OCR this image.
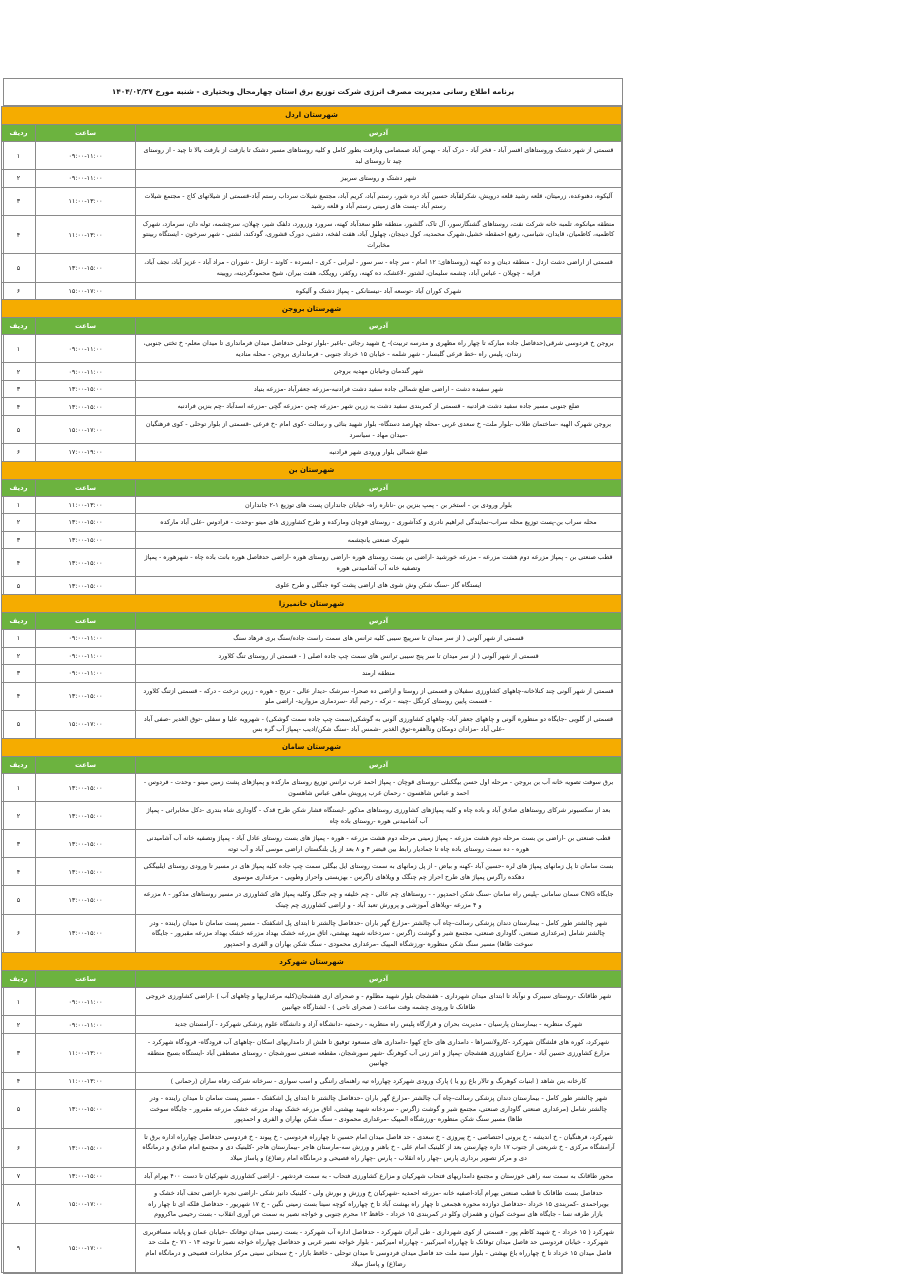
برنامه اطلاع رسانی مدیریت مصرف انرژی شرکت توزیع برق استان چهارمحال وبختیاری - شنبه مورخ ۱۴۰۴/۰۲/۲۷
شهرستان اردل		
آدرس	ساعت	ردیف
قسمتی از شهر دشتک وروستاهای افسر آباد - فخر آباد - درک آباد - بهمن آباد صمصامی وبازفت بطور کامل و کلیه روستاهای مسیر دشتک تا بازفت از بازفت بالا تا چید - از روستای چید تا روستای لبد	۰۹:۰۰-۱۱:۰۰	۱
شهر دشتک و روستای سربیز	۰۹:۰۰-۱۱:۰۰	۲
آلیکوه، دهنوعده، زرمیتان، قلعه رشید قلعه درویش، شکرلفآباد حسین آباد دره شور، رستم آباد، کریم آباد، مجتمع شیلات سرداب رستم آباد-قسمتی از شیلاتهای کاج - مجتمع شیلات رستم آباد -پست های زمینی رستم آباد و قلعه رشید	۱۱:۰۰-۱۳:۰۰	۳
منطقه میانکوه، تلمبه خانه شرکت نفت، روستاهای گشنگارسور، آل تاک، گلشور، منطقه طلو سعدآباد کهنه، سرورد وزرورد، دلفک شیر، چهلان، سرچشمه، توله دان، سرمازد، شهرک کاظمیه، کاظمیان، قایدان، شیاسی، رفیع احمقطه خشیل،شهرک محمدیه، کول دینجان، چهلول آباد، هفت لفخه، دشتی، دورک قشوری، گودکند، لشتی - شهر سرخون - ایستگاه ربینتو مخابرات	۱۱:۰۰-۱۳:۰۰	۴
قسمتی از اراضی دشت اردل - منطقه دینان و ده کهنه (روستاهای: ۱۲ امام - سر چاه - سر سور - لیرابی - کری - ابسرده - کاوند - ارغل - شوران - مراد آباد - عزیز آباد، نجف آباد، قرابه - چوپلان - عباس آباد، چشمه سلیمان، لشتور -لاغشک، ده کهنه، روکفر، رویگک، هفت بیران، شیخ محمودگردینه، رویینه	۱۳:۰۰-۱۵:۰۰	۵
شهرک کوران آباد -توسعه آباد -نیستانکی - پمپاژ دشتک و آلیکوه	۱۵:۰۰-۱۷:۰۰	۶
شهرستان بروجن		
آدرس	ساعت	ردیف
بروجن خ فردوسی شرقی(حدفاصل جاده مبارکه تا چهار راه مظهری و مدرسه تربیت)- خ شهید رجائی -باغبر -بلوار توحلی حدفاصل میدان فرمانداری تا میدان معلم- خ تختی جنوبی، زندان، پلیس راه -خط فرعی گلبسار - شهر شلمه - خیابان ۱۵ خرداد جنوبی - فرمانداری بروجن - محله منادیه	۰۹:۰۰-۱۱:۰۰	۱
شهر گندمان وخیابان مهدیه بروجن	۰۹:۰۰-۱۱:۰۰	۲
شهر سفیده دشت - اراضی ضلع شمالی جاده سفید دشت فرادنبه-مزرعه جعفرآباد -مزرعه بنیاد	۱۳:۰۰-۱۵:۰۰	۳
ضلع جنوبی مسیر جاده سفید دشت فرادنبه - قسمتی از کمربندی سفید دشت به زرین شهر -مزرعه چمن -مزرعه گچی -مزرعه اسدآباد -چم بنزین فرادنبه	۱۳:۰۰-۱۵:۰۰	۴
بروجن شهرک الهیه -ساختمان طلاب -بلوار ملت- خ سعدی غربی -محله چهارصد دستگاه- بلوار شهید بنائی و رسالت -کوی امام -خ فرعی -قسمتی از بلوار توحلی - کوی فرهنگیان -میدان مهاد - سیاسرد	۱۵:۰۰-۱۷:۰۰	۵
ضلع شمالی بلوار ورودی شهر فرادنبه	۱۷:۰۰-۱۹:۰۰	۶
شهرستان بن		
آدرس	ساعت	ردیف
بلوار ورودی بن - استخر بن - پمپ بنزین بن -ناناره راه- خیابان جانداران پست های توزیع ۱-۲ جانداران	۱۱:۰۰-۱۳:۰۰	۱
محله سراب بن-پست توزیع محله سراب-نمایندگی ابراهیم نادری و کدآشوری - روستای قوچان ومارکده و طرح کشاورزی های مینو -وحدت - فرادوس -علی آباد مارکده	۱۳:۰۰-۱۵:۰۰	۲
شهرک صنعتی یانچشمه	۱۳:۰۰-۱۵:۰۰	۳
قطب صنعتی بن - پمپاژ مزرعه دوم هشت مزرعه - مزرعه خورشید -اراضی بن بست روستای هوره -اراضی روستای هوره -اراضی حدفاصل هوره بانت باده چاه - شهرهوره - پمپاژ وتصفیه خانه آب آشامیدنی هوره	۱۳:۰۰-۱۵:۰۰	۴
ایستگاه گاز -سنگ شکن وش شوی های اراضی پشت کوه جنگلی و طرح علوی	۱۳:۰۰-۱۵:۰۰	۵
شهرستان خانمیرزا		
آدرس	ساعت	ردیف
قسمتی از شهر آلونی ( از سر میدان تا سرپیچ سیبی کلیه ترانس های سمت راست جاده/سنگ بری فرهاد سنگ	۰۹:۰۰-۱۱:۰۰	۱
قسمتی از شهر آلونی ( از سر میدان تا سر پنج سیبی ترانس های سمت چپ جاده اصلی ( - قسمتی از روستای تنگ کلاورد	۰۹:۰۰-۱۱:۰۰	۲
منطقه ارمند	۰۹:۰۰-۱۱:۰۰	۳
قسمتی از شهر آلونی چند کنلاخانه-چاههای کشاورزی سفیلان و قسمتی از روستا و اراضی ده صحرا- سرشک -دیدار عالی - ترنج - هوره - زرین درخت - درکه - قسمتی ازتنگ کلاورد - قسمت پایین روستای کرتگل -چینه - ترکه - رحیم آباد -سردماری مزوارید- اراضی ملو	۱۳:۰۰-۱۵:۰۰	۴
قسمتی از گلویی -جایگاه دو منظوره آلونی و چاههای جعفر آباد- چاههای کشاورزی آلونی به گوشکی(سمت چپ جاده سمت گوشکی) - شهرویه علیا و سفلی -توق الغدیر -صفی آباد -علی آباد -مزادان دومکان وناآهفره-توق الغدیر -شمس آباد -سنگ شکن/ادیب -پمپاژ آب گره بس	۱۵:۰۰-۱۷:۰۰	۵
شهرستان سامان		
آدرس	ساعت	ردیف
برق سوفت تصویه خانه آب بن بروجن - مرحله اول حسن بیگکنلی -روستای قوچان - پمپاژ احمد عرب ترانس توزیع روستای مارکده و پمپاژهای پشت زمین مینو - وحدت - فردوس - احمد و عباس شاهسون - رحمان غرب پرویش ماهی عباس شاهسون	۱۳:۰۰-۱۵:۰۰	۱
بعد از سکسیونر شرکای روستاهای صادق آباد و باده چاه و کلیه پمپاژهای کشاورزی روستاهای مذکور -ایستگاه فشار شکن طرح قدک - گاوداری شاه بندری -دکل مخابراتی - پمپاژ آب آشامیدنی هوره -روستای باده چاه	۱۳:۰۰-۱۵:۰۰	۲
قطب صنعتی بن -اراضی بن بست مرحله دوم هشت مزرعه - پمپاژ زمینی مرحله دوم هشت مزرعه - هوره - پمپاژ های بست روستای عادل آباد - پمپاژ وتصفیه خانه آب آشامیدنی هوره - ده سمت روستای باده چاه تا جمادیار رابط بین قبضر ۴ و ۸ بعد از پل بلنگستان اراضی موسی آباد و آب توته	۱۳:۰۰-۱۵:۰۰	۳
بست سامان تا پل زمانهای پمپاژ های لره -حسین آباد -کهنه و بیاض - از پل زمانهای به سمت روستای ایل بیگلی سمت چپ جاده کلیه پمپاژ های در مسیر تا ورودی روستای ایلبیگکی دهکده راگرس پمپاژ های طرح احراز چم چنگک و ویلاهای زاگرس - بهزیستی واحراز وطویی - مرغداری موسوی	۱۳:۰۰-۱۵:۰۰	۴
جایگاه CNG سمان سامانی -پلیس راه سامان -سنگ شکن احمدپور - - روستاهای چم عالی - چم خلیفه و چم جنگل وکلیه پمپاژ های کشاورزی در مسیر روستاهای مذکور - ۸ مزرعه و ۴ مزرعه -ویلاهای آموزشی و پرورش تعبد آباد - و اراضی کشاورزی چم چینک	۱۳:۰۰-۱۵:۰۰	۵
شهر چالشتر طور کامل - بیمارستان دندان پزشکی رسالت-چاه آب چالشتر -مزارع گهر باران -حدفاصل چالشتر تا ابتدای پل اشکفتک - مسیر پست سامان تا میدان راینده - ودر چالشتر شامل (مرغداری صنعتی، گاوداری صنعتی، مجتمع شیر و گوشت زاگرس - سردخانه شهید بهشتی، اتاق مزرعه خشک بهداد مزرعه خشک بهداد مزرعه مقبرور - جایگاه سوخت طاها) مسیر سنگ شکن منظوره -ورزشگاه المپیک -مرغداری محمودی - سنگ شکن بهاران و الفری و احمدپور	۱۳:۰۰-۱۵:۰۰	۶
شهرستان شهرکرد		
آدرس	ساعت	ردیف
شهر طاقانک -روستای سیبرک و نوآباد تا ابتدای میدان شهرداری - هفشجان بلوار شهید مظلوم - و صحرای اری هفشجان(کلیه مرغداریها و چاههای آب ) -اراضی کشاورزی خروجی طاقانک تا ورودی چشمه وفت ساعت ( صحرای ناحی ) - لشتارگاه جهانبین	۰۹:۰۰-۱۱:۰۰	۱
شهرک منظریه - بیمارستان پارسیان - مدیریت بحران و فرازگاه پلیس راه منظریه - رحمتیه -دانشگاه آزاد و دانشگاه علوم پزشکی شهرکرد - آرامستان جدید	۰۹:۰۰-۱۱:۰۰	۲
شهرکرد، کوره های فلشگان شهرکرد -کارولانسراها - دامداری های حاج کهوا -دامداری های مسعود توفیق تا فلش از دامداریهای اسکان -چاههای آب فرودگاه- فرودگاه شهرکرد - مزارع کشاورزی حسین آباد - مزارع کشاورزی هفشجان -پمپاژ و انتر زنی آب کوهرنگ -شهر سورشجان، مقطعه صنعتی سورشجان - روستای مصطفی آباد -ایستگاه بسیج منطقه جهانبین	۱۱:۰۰-۱۳:۰۰	۳
کارخانه بتن شاهد ( ابنیات کوهرنگ و تالار باغ رو یا ) پارک ورودی شهرکرد چهارراه تیه راهنمای راننگی و اسب سواری - سرخانه شرکت رفاه ساران (رحمانی )	۱۱:۰۰-۱۳:۰۰	۴
شهر چالشتر طور کامل - بیمارستان دندان پزشکی رسالت-چاه آب چالشتر -مزارع گهر باران -حدفاصل چالشتر تا ابتدای پل اشکفتک - مسیر پست سامان تا میدان راینده - ودر چالشتر شامل (مرغداری صنعتی گاوداری صنعتی، مجتمع شیر و گوشت زاگرس - سردخانه شهید بهشتی، اتاق مزرعه خشک بهداد مزرعه خشک مزرعه مقبرور - جایگاه سوخت طاها) مسیر سنگ شکن منظوره -ورزشگاه المپیک -مرغداری محمودی - سنگ شکن بهاران و الفری و احمدپور	۱۳:۰۰-۱۵:۰۰	۵
شهرکرد، فرهنگیان - خ اندیشه - خ یرونی احتصاصی - خ پیروزی - خ سعدی - حد فاصل میدان امام حسین تا چهارراه فردوسی - خ پیوند - خ فردوسی حدفاصل چهارراه اداره برق تا آرامشگاه مرکزی - خ شریعتی از جنوب ۱۷ داره چهارستن بعد از کلینیک امام علی - خ باهنر و ورزش سه-مارستان هاجر -بیمارستان هاجر -کلینیک دی و مجتمع امام صادق و درمانگاه دی و مرکز تصویر برداری پارس -چهار راه انقلاب - پارس -چهار راه فصیحی و درمانگاه امام رضا(ع) و پاساژ میلاد	۱۳:۰۰-۱۵:۰۰	۶
محور طاقانک به سمت سه راهی خوزستان و مجتمع دامداریهای فتحاب شهرکیان و مزارع کشاورزی فتحاب - به سمت فردشهر - اراضی کشاورزی شهرکیان تا دست ۴۰۰ بهرام آباد	۱۳:۰۰-۱۵:۰۰	۷
حدفاصل بست طاقانک تا قطب صنعتی بهرام آباد-اصفیه خانه -مزرعه احمدیه -شهرکیان خ ورزش و بورش ولی - کلینیک دانیز شکی -اراضی نجره -اراضی تحف آباد خشک و بویراحمدی -کمربندی ۱۵ خرداد -حدفاصل دوازده محوره هجمعی تا چهار راه بهشت آباد تا خ چهارراه کوچه سینا بست زمینی نگین - خ ۱۷ شهریور - حدفاصل فلکه ای تا چهار راه بازار طرفه نسا - جایگاه های سوخت کیوان و هفمزان وکلو در کمربندی ۱۵ خرداد - خافظ ۱۲ محرم جنوبی و خواجه نصیر به سمت ص آوری انقلاب - بست رحیمی ماکرووم	۱۵:۰۰-۱۷:۰۰	۸
شهرکرد ( ۱۵ خرداد - خ شهید کاظم پور - قسمتی از کوی شهرداری - طی آبران شهرکرد - حدفاصل اداره آب شهرکرد - بست زمینی میدان توفانک -خیابان عمان و پایانه مسافربری شهرکرد - خیابان فردوسی حد فاصل میدان توفانک تا چهارراه امیرکبیر - چهارراه امیرکبیر - بلوار خواجه نصیر غربی و حدفاصل چهارراه خواجه نصیر تا توجه ۱۴ - ۷۱ -خ ملت حد فاصل میدان ۱۵ خرداد تا خ چهارراه باغ بهشتی - بلوار سید ملت حد فاصل میدان فردوسی تا میدان توحلی - خافظ بازار - خ سبحانی سینی مرکز مخابرات فصیحی و درمانگاه امام رضا(ع) و پاساژ میلاد	۱۵:۰۰-۱۷:۰۰	۹
